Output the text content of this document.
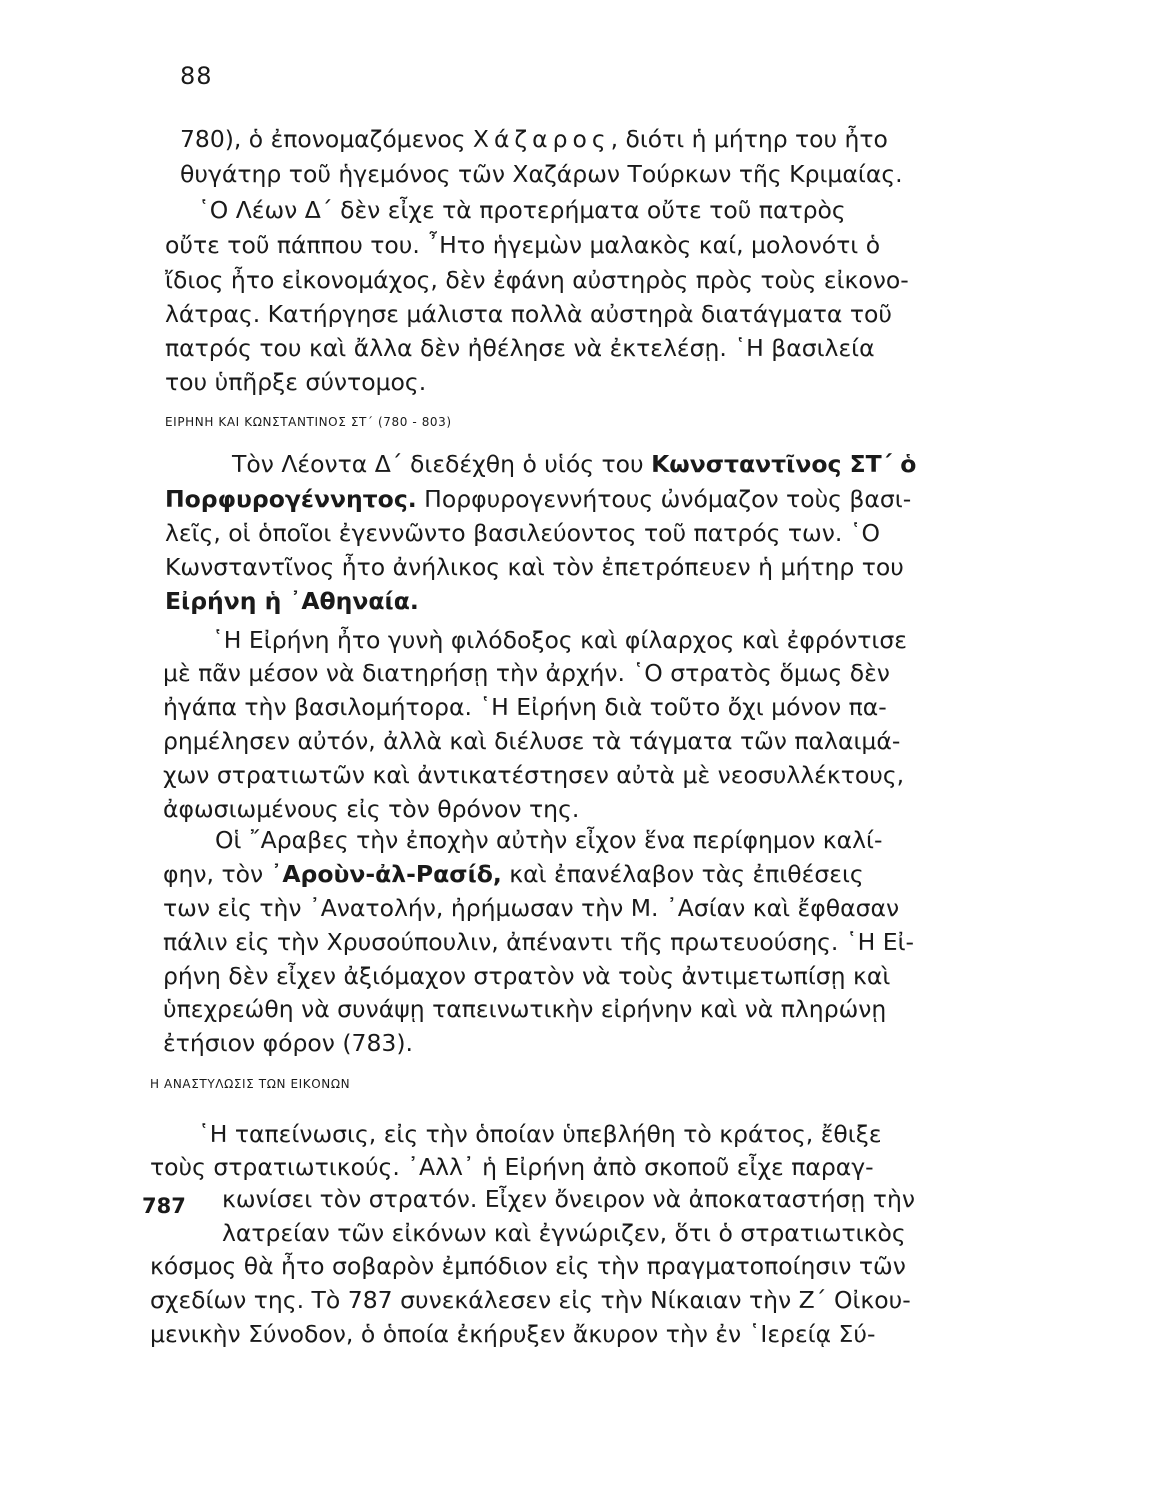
88
780), ὁ ἐπονομαζόμενος Χάζαρος, διότι ἡ μήτηρ του ἦτο
θυγάτηρ τοῦ ἡγεμόνος τῶν Χαζάρων Τούρκων τῆς Κριμαίας.
῾Ο Λέων Δ΄ δὲν εἶχε τὰ προτερήματα οὔτε τοῦ πατρὸς
οὔτε τοῦ πάππου του. ῏Ητο ἡγεμὼν μαλακὸς καί, μολονότι ὁ
ἴδιος ἦτο εἰκονομάχος, δὲν ἐφάνη αὐστηρὸς πρὸς τοὺς εἰκονο-
λάτρας. Κατήργησε μάλιστα πολλὰ αὐστηρὰ διατάγματα τοῦ
πατρός του καὶ ἄλλα δὲν ἠθέλησε νὰ ἐκτελέσῃ. ῾Η βασιλεία
του ὑπῆρξε σύντομος.
ΕΙΡΗΝΗ ΚΑΙ ΚΩΝΣΤΑΝΤΙΝΟΣ ΣΤ΄ (780 - 803)
Τὸν Λέοντα Δ΄ διεδέχθη ὁ υἱός του Κωνσταντῖνος ΣΤ΄ ὁ
Πορφυρογέννητος. Πορφυρογεννήτους ὠνόμαζον τοὺς βασι-
λεῖς, οἱ ὁποῖοι ἐγεννῶντο βασιλεύοντος τοῦ πατρός των. ῾Ο
Κωνσταντῖνος ἦτο ἀνήλικος καὶ τὸν ἐπετρόπευεν ἡ μήτηρ του
Εἰρήνη ἡ ᾿Αθηναία.
῾Η Εἰρήνη ἦτο γυνὴ φιλόδοξος καὶ φίλαρχος καὶ ἐφρόντισε
μὲ πᾶν μέσον νὰ διατηρήσῃ τὴν ἀρχήν. ῾Ο στρατὸς ὅμως δὲν
ἠγάπα τὴν βασιλομήτορα. ῾Η Εἰρήνη διὰ τοῦτο ὄχι μόνον πα-
ρημέλησεν αὐτόν, ἀλλὰ καὶ διέλυσε τὰ τάγματα τῶν παλαιμά-
χων στρατιωτῶν καὶ ἀντικατέστησεν αὐτὰ μὲ νεοσυλλέκτους,
ἀφωσιωμένους εἰς τὸν θρόνον της.
Οἱ ῎Αραβες τὴν ἐποχὴν αὐτὴν εἶχον ἕνα περίφημον καλί-
φην, τὸν ᾿Αροὺν-ἀλ-Ρασίδ, καὶ ἐπανέλαβον τὰς ἐπιθέσεις
των εἰς τὴν ᾿Ανατολήν, ἠρήμωσαν τὴν Μ. ᾿Ασίαν καὶ ἔφθασαν
πάλιν εἰς τὴν Χρυσούπουλιν, ἀπέναντι τῆς πρωτευούσης. ῾Η Εἰ-
ρήνη δὲν εἶχεν ἀξιόμαχον στρατὸν νὰ τοὺς ἀντιμετωπίσῃ καὶ
ὑπεχρεώθη νὰ συνάψῃ ταπεινωτικὴν εἰρήνην καὶ νὰ πληρώνῃ
ἐτήσιον φόρον (783).
Η ΑΝΑΣΤΥΛΩΣΙΣ ΤΩΝ ΕΙΚΟΝΩΝ
787
῾Η ταπείνωσις, εἰς τὴν ὁποίαν ὑπεβλήθη τὸ κράτος, ἔθιξε
τοὺς στρατιωτικούς. ᾿Αλλ᾿ ἡ Εἰρήνη ἀπὸ σκοποῦ εἶχε παραγ-
κωνίσει τὸν στρατόν. Εἶχεν ὄνειρον νὰ ἀποκαταστήσῃ τὴν
λατρείαν τῶν εἰκόνων καὶ ἐγνώριζεν, ὅτι ὁ στρατιωτικὸς
κόσμος θὰ ἦτο σοβαρὸν ἐμπόδιον εἰς τὴν πραγματοποίησιν τῶν
σχεδίων της. Τὸ 787 συνεκάλεσεν εἰς τὴν Νίκαιαν τὴν Ζ΄ Οἰκου-
μενικὴν Σύνοδον, ὁ ὁποία ἐκήρυξεν ἄκυρον τὴν ἐν ῾Ιερείᾳ Σύ-
